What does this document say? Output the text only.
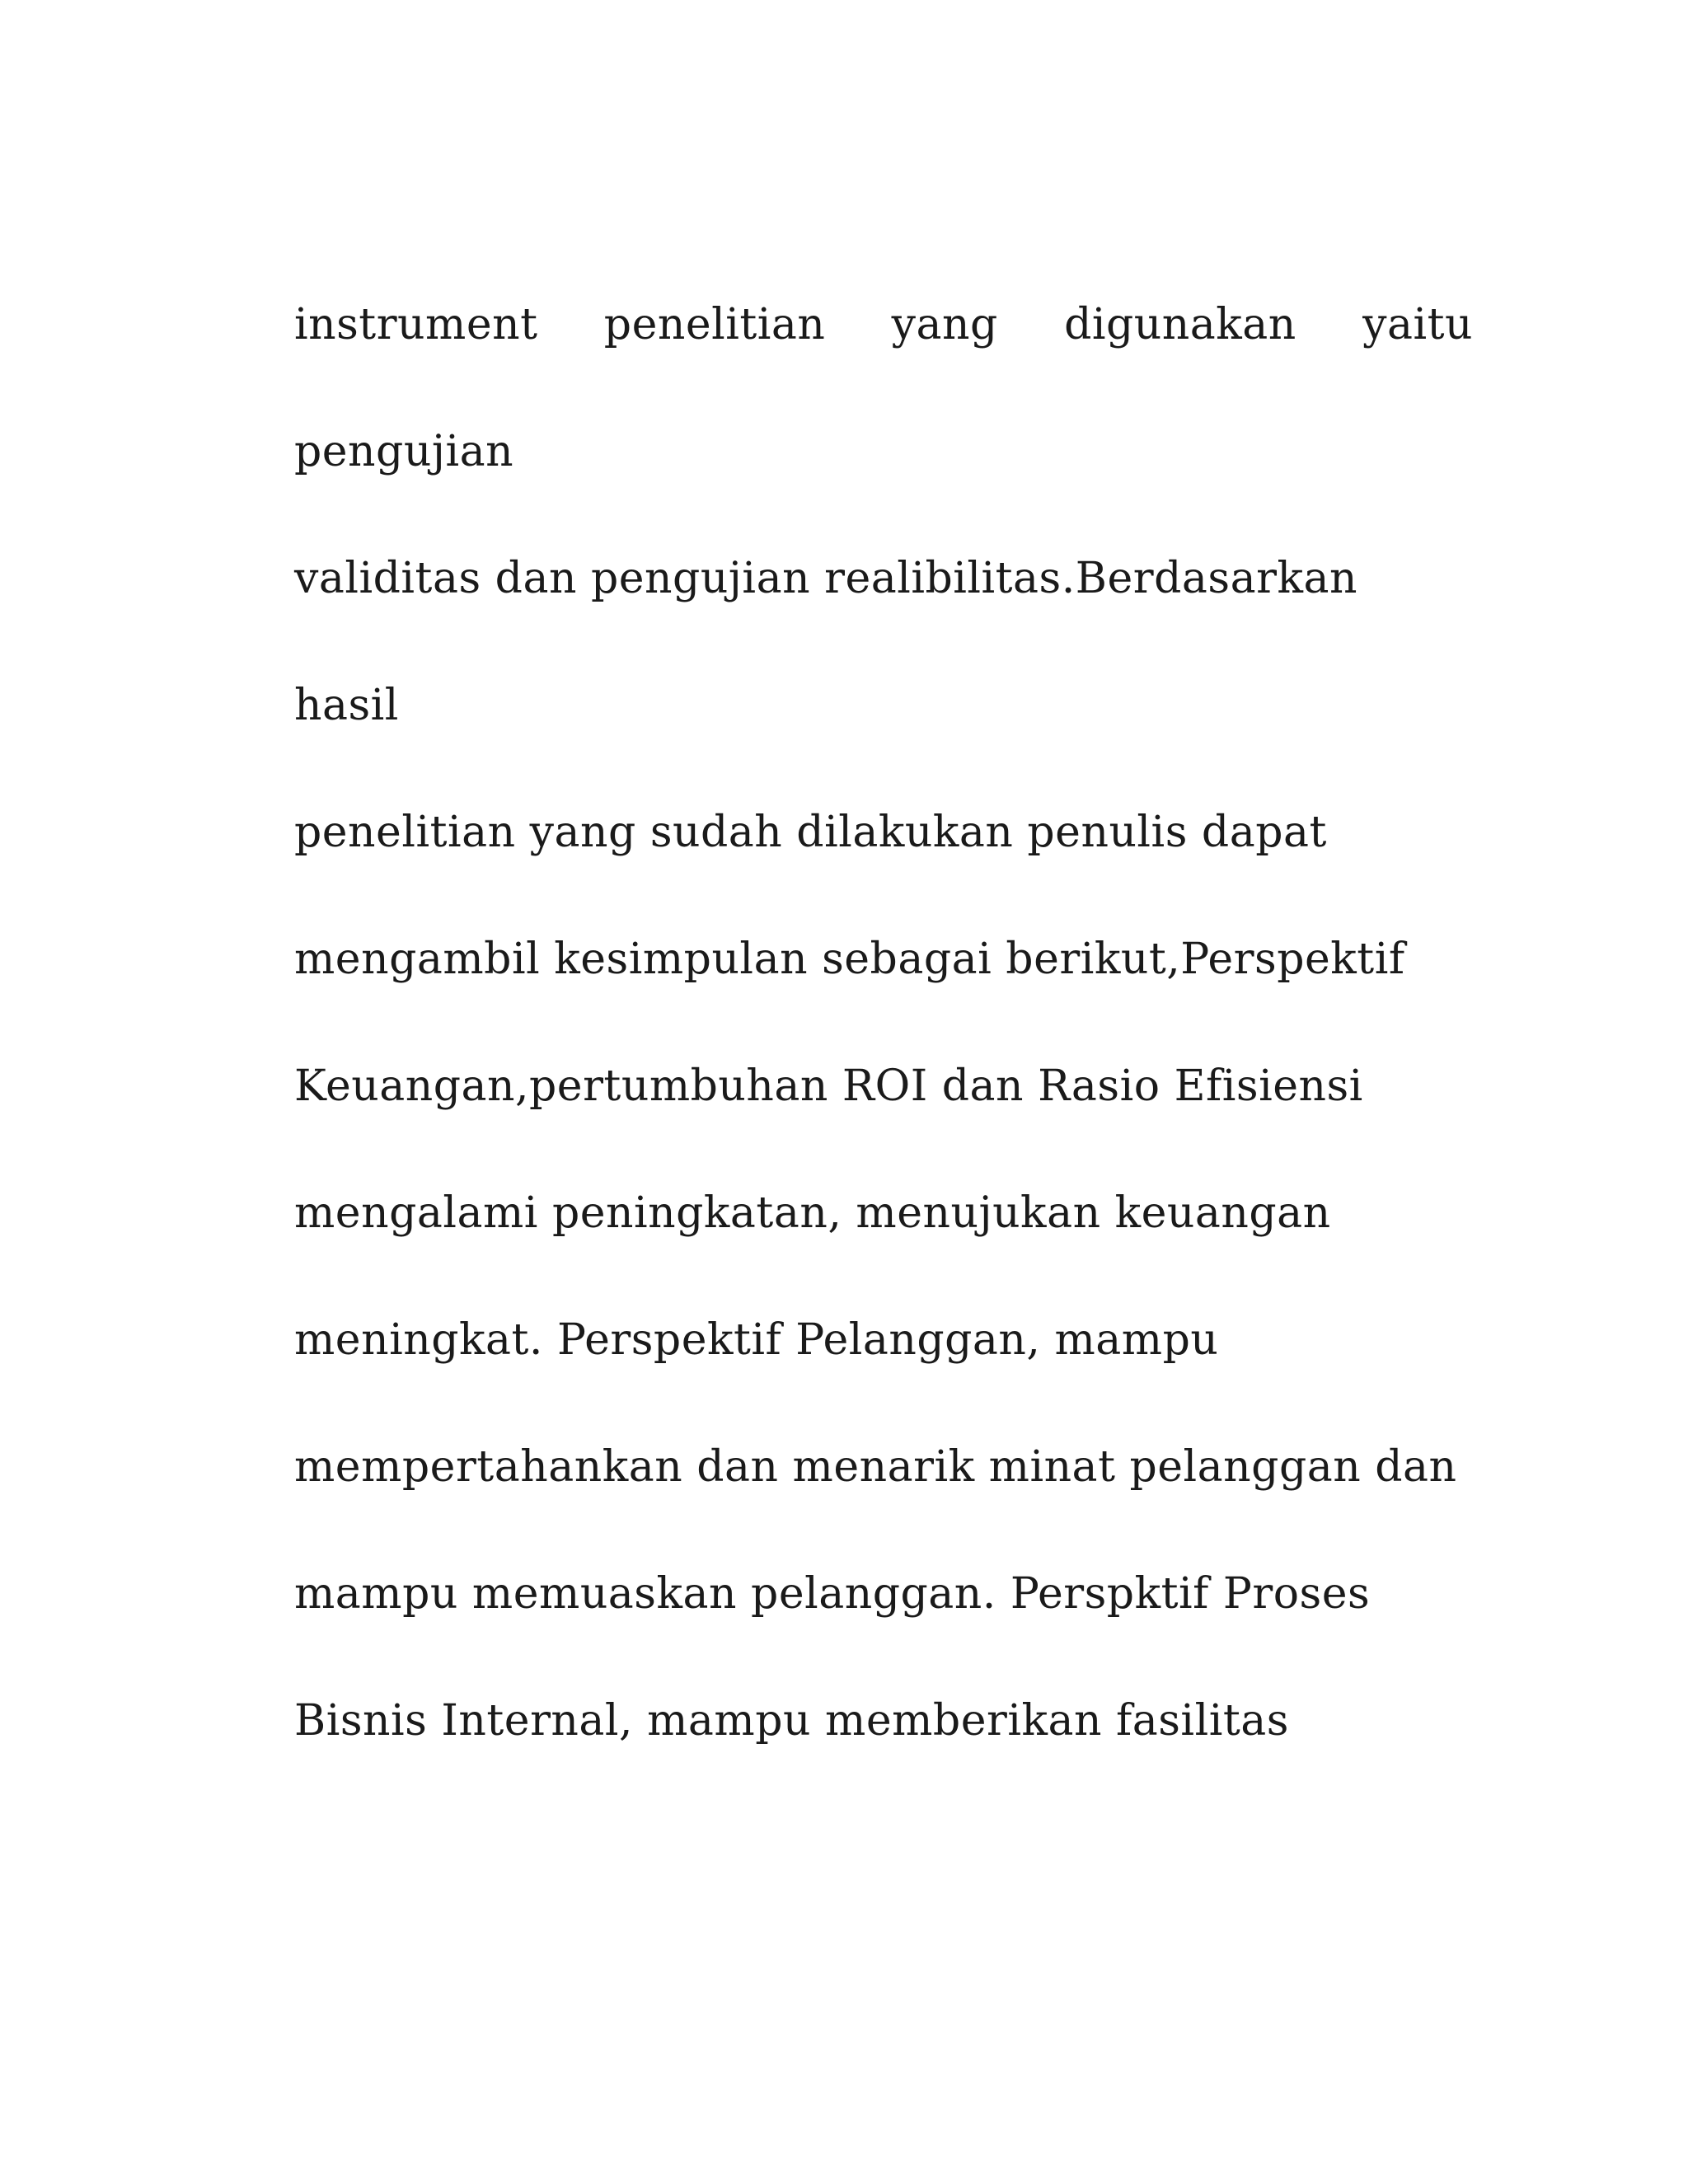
instrument penelitian yang digunakan yaitu
pengujian
validitas dan pengujian realibilitas.Berdasarkan
hasil
penelitian yang sudah dilakukan penulis dapat
mengambil kesimpulan sebagai berikut,Perspektif
Keuangan,pertumbuhan ROI dan Rasio Efisiensi
mengalami peningkatan, menujukan keuangan
meningkat. Perspektif Pelanggan, mampu
mempertahankan dan menarik minat pelanggan dan
mampu memuaskan pelanggan. Perspktif Proses
Bisnis Internal, mampu memberikan fasilitas
